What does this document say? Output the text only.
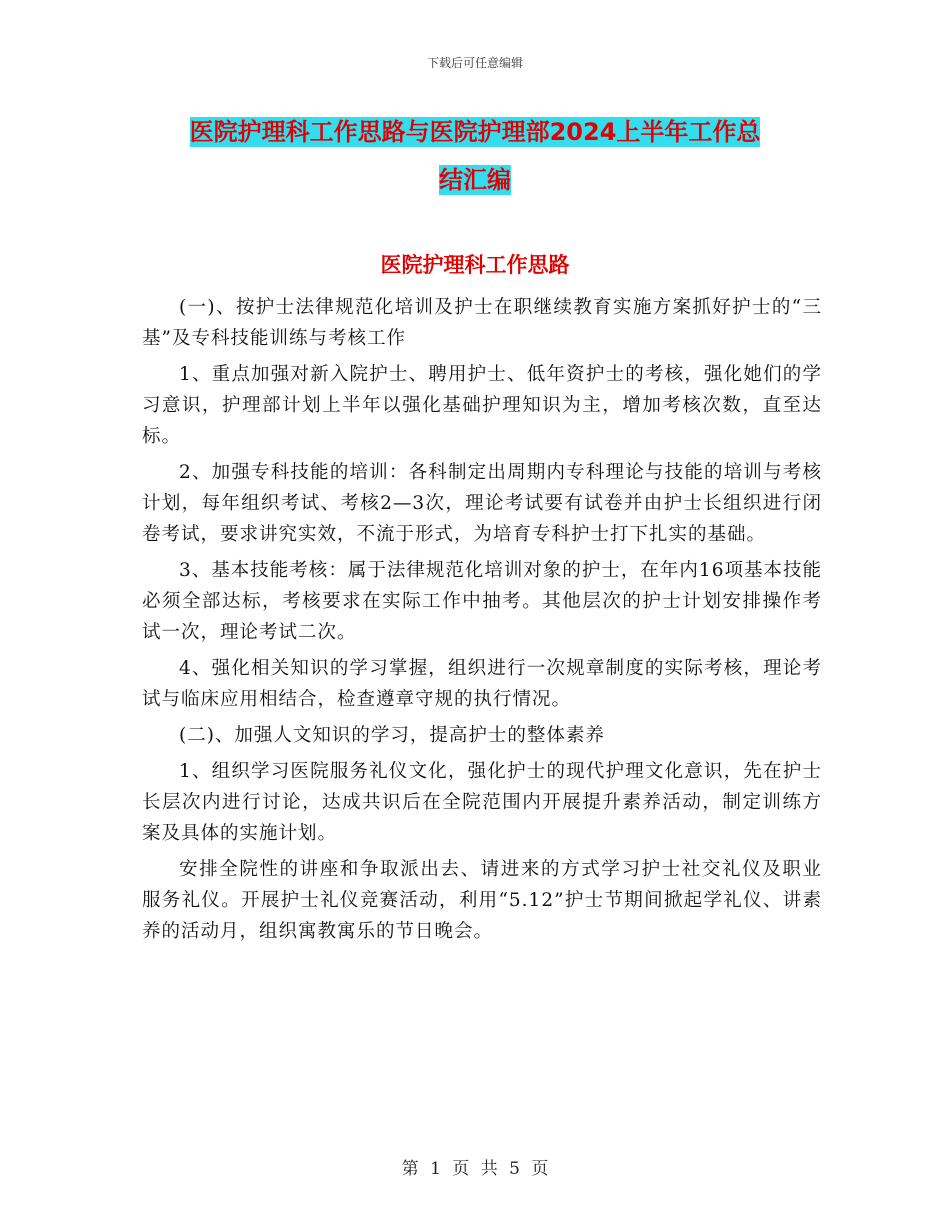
下载后可任意编辑
医院护理科工作思路与医院护理部2024上半年工作总
结汇编
医院护理科工作思路

(一)、按护士法律规范化培训及护士在职继续教育实施方案抓好护士的“三基”及专科技能训练与考核工作

1、重点加强对新入院护士、聘用护士、低年资护士的考核，强化她们的学习意识，护理部计划上半年以强化基础护理知识为主，增加考核次数，直至达标。

2、加强专科技能的培训：各科制定出周期内专科理论与技能的培训与考核计划，每年组织考试、考核2—3次，理论考试要有试卷并由护士长组织进行闭卷考试，要求讲究实效，不流于形式，为培育专科护士打下扎实的基础。

3、基本技能考核：属于法律规范化培训对象的护士，在年内16项基本技能必须全部达标，考核要求在实际工作中抽考。其他层次的护士计划安排操作考试一次，理论考试二次。

4、强化相关知识的学习掌握，组织进行一次规章制度的实际考核，理论考试与临床应用相结合，检查遵章守规的执行情况。

(二)、加强人文知识的学习，提高护士的整体素养

1、组织学习医院服务礼仪文化，强化护士的现代护理文化意识，先在护士长层次内进行讨论，达成共识后在全院范围内开展提升素养活动，制定训练方案及具体的实施计划。

安排全院性的讲座和争取派出去、请进来的方式学习护士社交礼仪及职业服务礼仪。开展护士礼仪竞赛活动，利用“5.12”护士节期间掀起学礼仪、讲素养的活动月，组织寓教寓乐的节日晚会。

第 1 页 共 5 页
